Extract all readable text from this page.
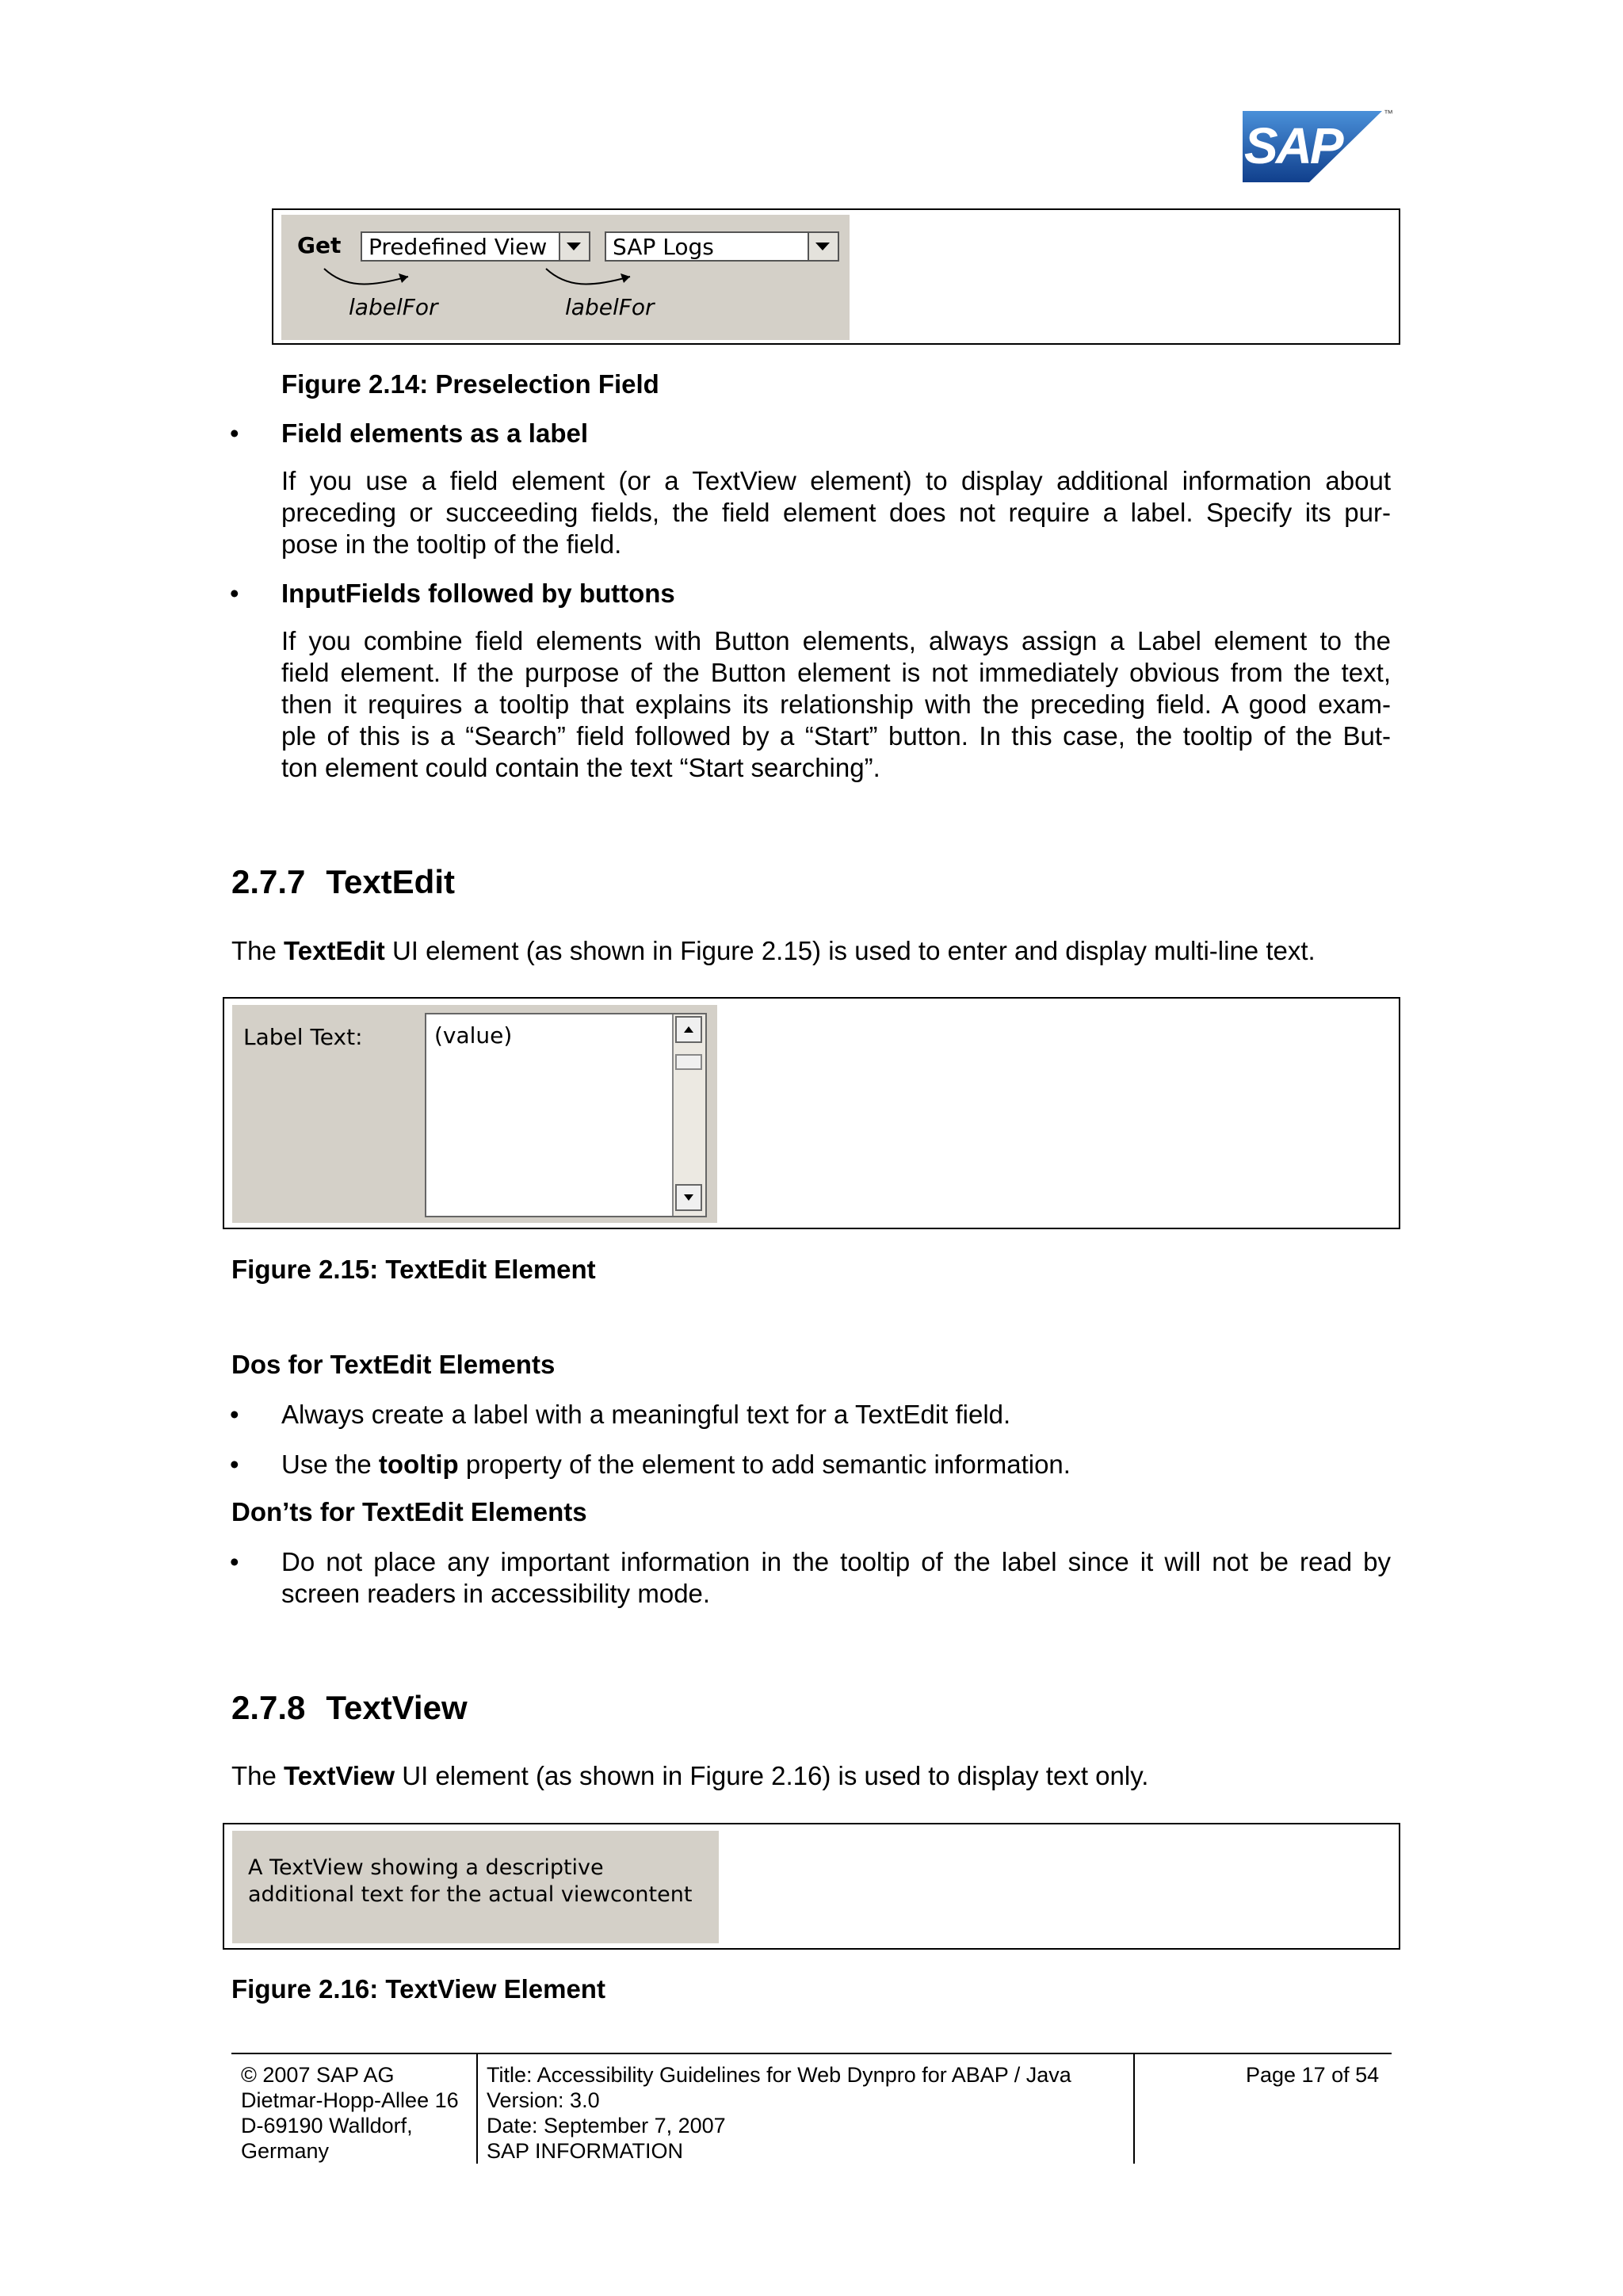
SAP
™
Get Predefined View	SAP Logs
labelFor	labelFor
Figure 2.14: Preselection Field
• Field elements as a label
If you use a field element (or a TextView element) to display additional information about
preceding or succeeding fields, the field element does not require a label. Specify its pur-
pose in the tooltip of the field.
• InputFields followed by buttons
If you combine field elements with Button elements, always assign a Label element to the
field element. If the purpose of the Button element is not immediately obvious from the text,
then it requires a tooltip that explains its relationship with the preceding field. A good exam-
ple of this is a “Search” field followed by a “Start” button. In this case, the tooltip of the But-
ton element could contain the text “Start searching”.
2.7.7 TextEdit
The TextEdit UI element (as shown in Figure 2.15) is used to enter and display multi-line text.
Label Text:	(value)
Figure 2.15: TextEdit Element
Dos for TextEdit Elements
• Always create a label with a meaningful text for a TextEdit field.
• Use the tooltip property of the element to add semantic information.
Don’ts for TextEdit Elements
• Do not place any important information in the tooltip of the label since it will not be read by
screen readers in accessibility mode.
2.7.8 TextView
The TextView UI element (as shown in Figure 2.16) is used to display text only.
A TextView showing a descriptive
additional text for the actual viewcontent
Figure 2.16: TextView Element
© 2007 SAP AG
Dietmar-Hopp-Allee 16
D-69190 Walldorf,
Germany
Title: Accessibility Guidelines for Web Dynpro for ABAP / Java
Version: 3.0
Date: September 7, 2007
SAP INFORMATION
Page 17 of 54
